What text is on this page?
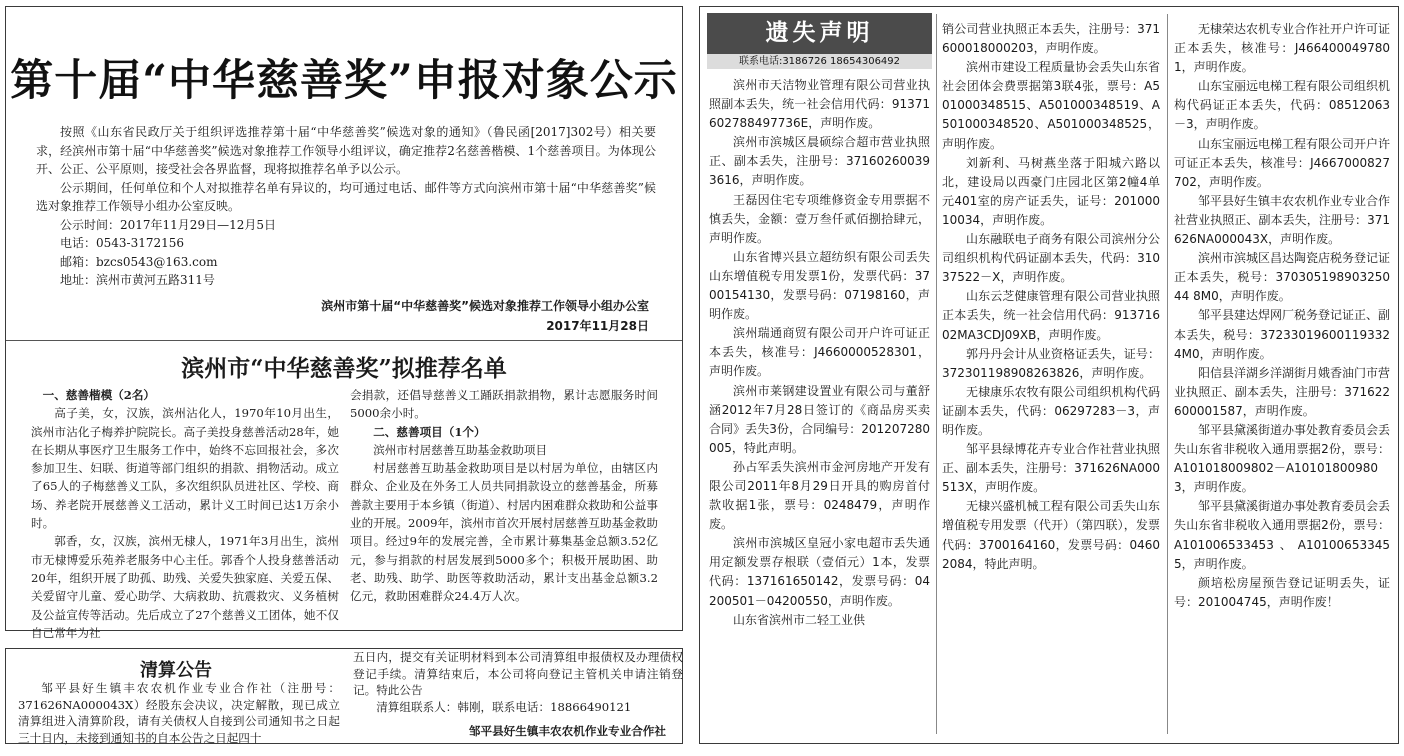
第十届“中华慈善奖”申报对象公示

按照《山东省民政厅关于组织评选推荐第十届“中华慈善奖”候选对象的通知》（鲁民函[2017]302号）相关要求，经滨州市第十届“中华慈善奖”候选对象推荐工作领导小组评议，确定推荐2名慈善楷模、1个慈善项目。为体现公开、公正、公平原则，接受社会各界监督，现将拟推荐名单予以公示。

公示期间，任何单位和个人对拟推荐名单有异议的，均可通过电话、邮件等方式向滨州市第十届“中华慈善奖”候选对象推荐工作领导小组办公室反映。

公示时间：2017年11月29日—12月5日

电话：0543-3172156

邮箱：bzcs0543@163.com

地址：滨州市黄河五路311号

滨州市第十届“中华慈善奖”候选对象推荐工作领导小组办公室
2017年11月28日
滨州市“中华慈善奖”拟推荐名单

一、慈善楷模（2名）

高子美，女，汉族，滨州沾化人，1970年10月出生，滨州市沾化子梅养护院院长。高子美投身慈善活动28年，她在长期从事医疗卫生服务工作中，始终不忘回报社会，多次参加卫生、妇联、街道等部门组织的捐款、捐物活动。成立了65人的子梅慈善义工队，多次组织队员进社区、学校、商场、养老院开展慈善义工活动，累计义工时间已达1万余小时。

郭香，女，汉族，滨州无棣人，1971年3月出生，滨州市无棣博爱乐苑养老服务中心主任。郭香个人投身慈善活动20年，组织开展了助孤、助残、关爱失独家庭、关爱五保、关爱留守儿童、爱心助学、大病救助、抗震救灾、义务植树及公益宣传等活动。先后成立了27个慈善义工团体，她不仅自己常年为社

会捐款，还倡导慈善义工踊跃捐款捐物，累计志愿服务时间5000余小时。

二、慈善项目（1个）

滨州市村居慈善互助基金救助项目

村居慈善互助基金救助项目是以村居为单位，由辖区内群众、企业及在外务工人员共同捐款设立的慈善基金，所募善款主要用于本乡镇（街道）、村居内困难群众救助和公益事业的开展。2009年，滨州市首次开展村居慈善互助基金救助项目。经过9年的发展完善，全市累计募集基金总额3.52亿元，参与捐款的村居发展到5000多个；积极开展助困、助老、助残、助学、助医等救助活动，累计支出基金总额3.2亿元，救助困难群众24.4万人次。

清算公告

邹平县好生镇丰农农机作业专业合作社（注册号：371626NA000043X）经股东会决议，决定解散，现已成立清算组进入清算阶段，请有关债权人自接到公司通知书之日起三十日内，未接到通知书的自本公告之日起四十

五日内，提交有关证明材料到本公司清算组申报债权及办理债权登记手续。清算结束后，本公司将向登记主管机关申请注销登记。特此公告

清算组联系人：韩刚，联系电话：18866490121

邹平县好生镇丰农农机作业专业合作社
遗失声明
联系电话:3186726 18654306492

滨州市天洁物业管理有限公司营业执照副本丢失，统一社会信用代码：91371602788497736E，声明作废。

滨州市滨城区晨硕综合超市营业执照正、副本丢失，注册号：371602600393616，声明作废。

王磊因住宅专项维修资金专用票据不慎丢失，金额：壹万叁仟贰佰捌拾肆元，声明作废。

山东省博兴县立超纺织有限公司丢失山东增值税专用发票1份，发票代码：3700154130，发票号码：07198160，声明作废。

滨州瑞通商贸有限公司开户许可证正本丢失，核准号：J4660000528301，声明作废。

滨州市莱钢建设置业有限公司与董舒涵2012年7月28日签订的《商品房买卖合同》丢失3份，合同编号：201207280005，特此声明。

孙占军丢失滨州市金河房地产开发有限公司2011年8月29日开具的购房首付款收据1张，票号：0248479，声明作废。

滨州市滨城区皇冠小家电超市丢失通用定额发票存根联（壹佰元）1本，发票代码：137161650142，发票号码：04200501－04200550，声明作废。

山东省滨州市二轻工业供

销公司营业执照正本丢失，注册号：371600018000203，声明作废。

滨州市建设工程质量协会丢失山东省社会团体会费票据第3联4张，票号：A501000348515、A501000348519、A501000348520、A501000348525，声明作废。

刘新利、马树燕坐落于阳城六路以北，建设局以西豪门庄园北区第2幢4单元401室的房产证丢失，证号：20100010034，声明作废。

山东融联电子商务有限公司滨州分公司组织机构代码证副本丢失，代码：31037522－X，声明作废。

山东云芝健康管理有限公司营业执照正本丢失，统一社会信用代码：91371602MA3CDJ09XB，声明作废。

郭丹丹会计从业资格证丢失，证号：372301198908263826，声明作废。

无棣康乐农牧有限公司组织机构代码证副本丢失，代码：06297283－3，声明作废。

邹平县绿博花卉专业合作社营业执照正、副本丢失，注册号：371626NA000513X，声明作废。

无棣兴盛机械工程有限公司丢失山东增值税专用发票（代开）（第四联），发票代码：3700164160，发票号码：04602084，特此声明。

无棣荣达农机专业合作社开户许可证正本丢失，核准号：J4664000497801，声明作废。

山东宝丽远电梯工程有限公司组织机构代码证正本丢失，代码：08512063－3，声明作废。

山东宝丽远电梯工程有限公司开户许可证正本丢失，核准号：J4667000827702，声明作废。

邹平县好生镇丰农农机作业专业合作社营业执照正、副本丢失，注册号：371626NA000043X，声明作废。

滨州市滨城区昌达陶瓷店税务登记证正本丢失，税号：37030519890325044 8M0，声明作废。

邹平县建达焊网厂税务登记证正、副本丢失，税号：372330196001193324M0，声明作废。

阳信县洋湖乡洋湖街月娥香油门市营业执照正、副本丢失，注册号：371622600001587，声明作废。

邹平县黛溪街道办事处教育委员会丢失山东省非税收入通用票据2份，票号：A101018009802－A101018009803，声明作废。

邹平县黛溪街道办事处教育委员会丢失山东省非税收入通用票据2份，票号：A101006533453、A101006533455，声明作废。

颜培松房屋预告登记证明丢失，证号：201004745，声明作废！
